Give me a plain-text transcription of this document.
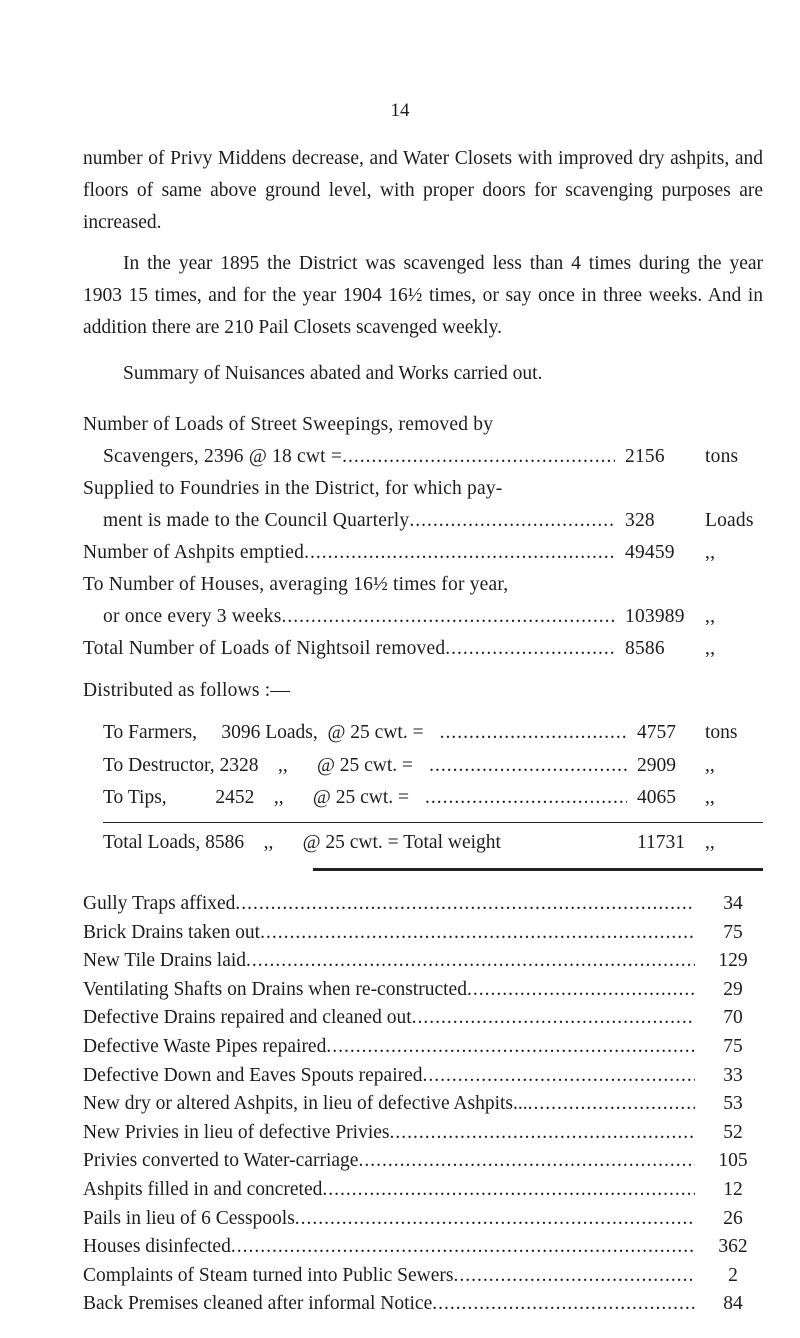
14
number of Privy Middens decrease, and Water Closets with improved dry ashpits, and floors of same above ground level, with proper doors for scavenging purposes are increased.
In the year 1895 the District was scavenged less than 4 times during the year 1903 15 times, and for the year 1904 16½ times, or say once in three weeks. And in addition there are 210 Pail Closets scavenged weekly.
Summary of Nuisances abated and Works carried out.
Number of Loads of Street Sweepings, removed by
Scavengers, 2396 @ 18 cwt = .....	2156	tons
Supplied to Foundries in the District, for which pay-
ment is made to the Council Quarterly .....	328	Loads
Number of Ashpits emptied .....	49459	,,
To Number of Houses, averaging 16½ times for year,
or once every 3 weeks .....	103989	,,
Total Number of Loads of Nightsoil removed .....	8586	,,
Distributed as follows :—
To Farmers,     3096 Loads,  @ 25 cwt. = .....	4757	tons
To Destructor, 2328    ,,      @ 25 cwt. = .....	2909	,,
To Tips,          2452    ,,      @ 25 cwt. = .....	4065	,,
Total Loads, 8586    ,,      @ 25 cwt. = Total weight	11731	,,
Gully Traps affixed .....	34
Brick Drains taken out .....	75
New Tile Drains laid .....	129
Ventilating Shafts on Drains when re-constructed .....	29
Defective Drains repaired and cleaned out .....	70
Defective Waste Pipes repaired .....	75
Defective Down and Eaves Spouts repaired .....	33
New dry or altered Ashpits, in lieu of defective Ashpits... .....	53
New Privies in lieu of defective Privies .....	52
Privies converted to Water-carriage .....	105
Ashpits filled in and concreted .....	12
Pails in lieu of 6 Cesspools .....	26
Houses disinfected .....	362
Complaints of Steam turned into Public Sewers .....	2
Back Premises cleaned after informal Notice .....	84
